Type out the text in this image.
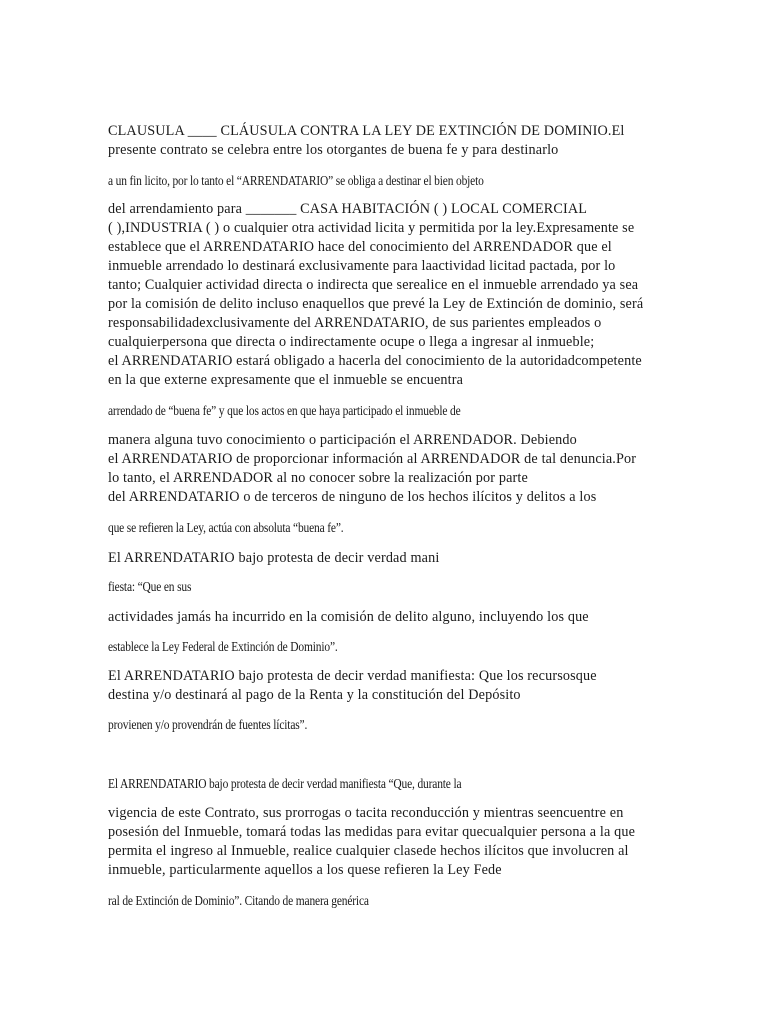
CLAUSULA ____ CLÁUSULA CONTRA LA LEY DE EXTINCIÓN DE DOMINIO.El
presente contrato se celebra entre los otorgantes de buena fe y para destinarlo
a un fin licito, por lo tanto el “ARRENDATARIO” se obliga a destinar el bien objeto
del arrendamiento para _______ CASA HABITACIÓN ( ) LOCAL COMERCIAL
( ),INDUSTRIA ( ) o cualquier otra actividad licita y permitida por la ley.Expresamente se
establece que el ARRENDATARIO hace del conocimiento del ARRENDADOR que el
inmueble arrendado lo destinará exclusivamente para laactividad licitad pactada, por lo
tanto; Cualquier actividad directa o indirecta que serealice en el inmueble arrendado ya sea
por la comisión de delito incluso enaquellos que prevé la Ley de Extinción de dominio, será
responsabilidadexclusivamente del ARRENDATARIO, de sus parientes empleados o
cualquierpersona que directa o indirectamente ocupe o llega a ingresar al inmueble;
el ARRENDATARIO estará obligado a hacerla del conocimiento de la autoridadcompetente
en la que externe expresamente que el inmueble se encuentra
arrendado de “buena fe” y que los actos en que haya participado el inmueble de
manera alguna tuvo conocimiento o participación el ARRENDADOR. Debiendo
el ARRENDATARIO de proporcionar información al ARRENDADOR de tal denuncia.Por
lo tanto, el ARRENDADOR al no conocer sobre la realización por parte
del ARRENDATARIO o de terceros de ninguno de los hechos ilícitos y delitos a los
que se refieren la Ley, actúa con absoluta “buena fe”.
El ARRENDATARIO bajo protesta de decir verdad mani
fiesta: “Que en sus
actividades jamás ha incurrido en la comisión de delito alguno, incluyendo los que
establece la Ley Federal de Extinción de Dominio”.
El ARRENDATARIO bajo protesta de decir verdad manifiesta: Que los recursosque
destina y/o destinará al pago de la Renta y la constitución del Depósito
provienen y/o provendrán de fuentes lícitas”.
El ARRENDATARIO bajo protesta de decir verdad manifiesta “Que, durante la
vigencia de este Contrato, sus prorrogas o tacita reconducción y mientras seencuentre en
posesión del Inmueble, tomará todas las medidas para evitar quecualquier persona a la que
permita el ingreso al Inmueble, realice cualquier clasede hechos ilícitos que involucren al
inmueble, particularmente aquellos a los quese refieren la Ley Fede
ral de Extinción de Dominio”. Citando de manera genérica
